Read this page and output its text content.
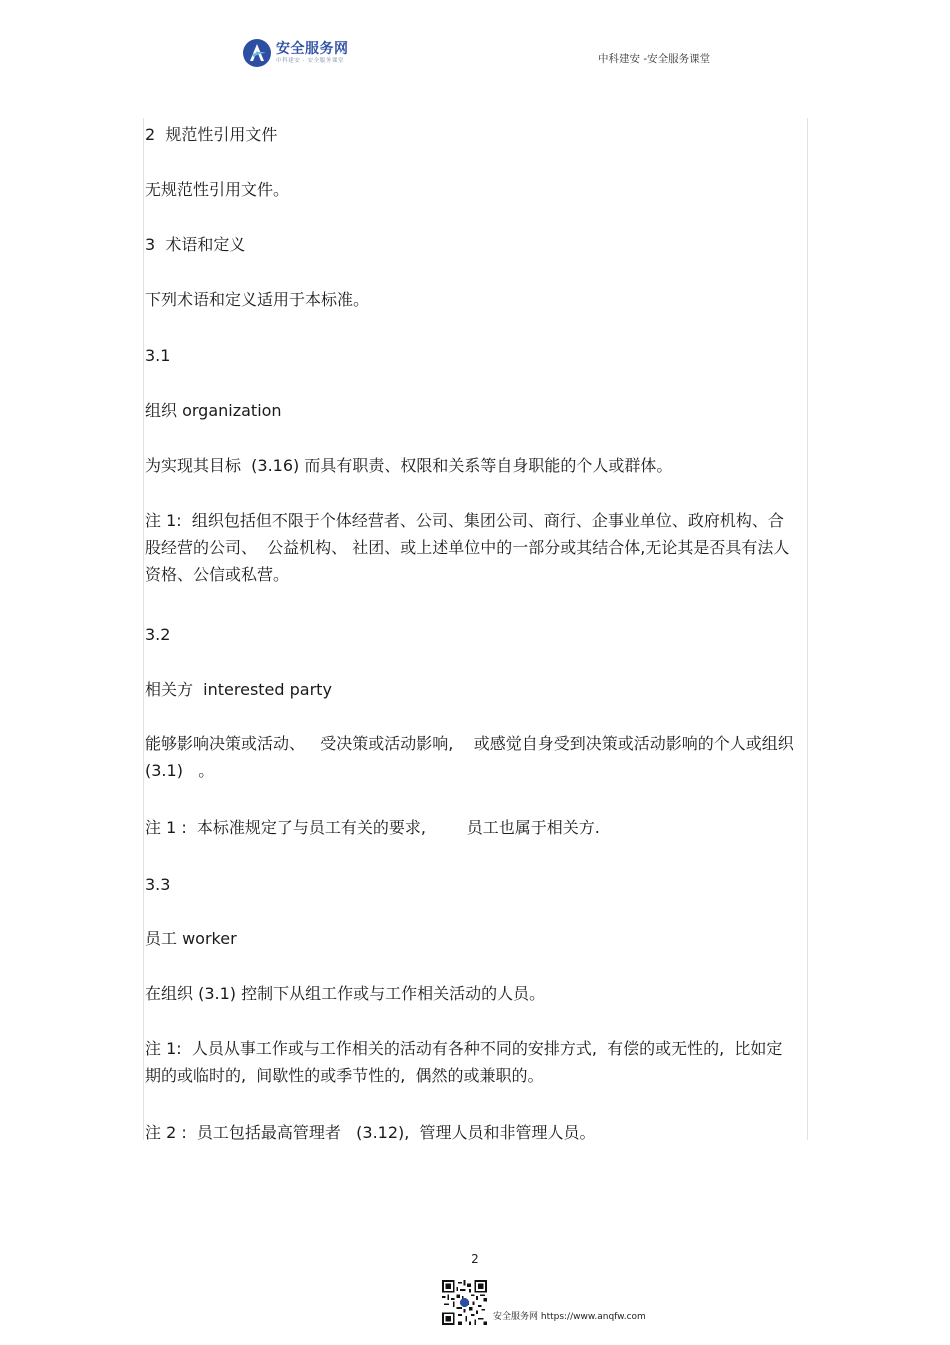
安全服务网
中科建安 · 安全服务课堂	中科建安 -安全服务课堂
2  规范性引用文件
无规范性引用文件。
3  术语和定义
下列术语和定义适用于本标准。
3.1
组织 organization
为实现其目标  (3.16) 而具有职责、权限和关系等自身职能的个人或群体。
注 1:  组织包括但不限于个体经营者、公司、集团公司、商行、企事业单位、政府机构、合股经营的公司、  公益机构、 社团、或上述单位中的一部分或其结合体,无论其是否具有法人资格、公信或私营。
3.2
相关方  interested party
能够影响决策或活动、   受决策或活动影响,    或感觉自身受到决策或活动影响的个人或组织 (3.1)   。
注 1 :  本标准规定了与员工有关的要求,        员工也属于相关方.
3.3
员工 worker
在组织 (3.1) 控制下从组工作或与工作相关活动的人员。
注 1:  人员从事工作或与工作相关的活动有各种不同的安排方式,  有偿的或无性的,  比如定期的或临时的,  间歇性的或季节性的,  偶然的或兼职的。
注 2 :  员工包括最高管理者   (3.12),  管理人员和非管理人员。
2
安全服务网 https://www.anqfw.com
